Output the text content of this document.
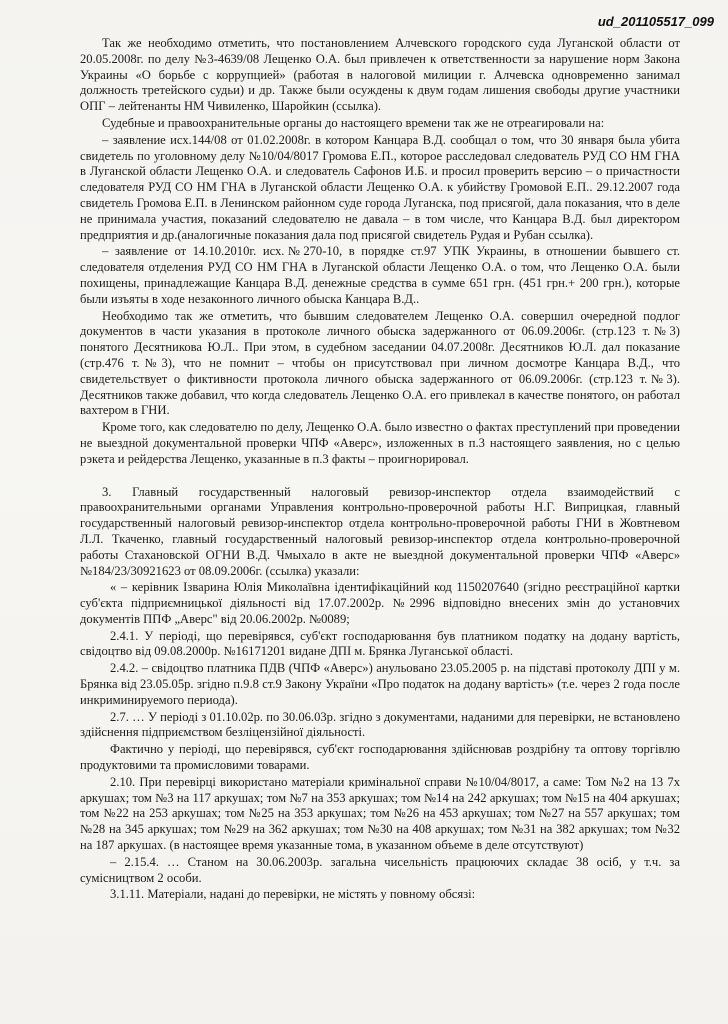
ud_201105517_099

Так же необходимо отметить, что постановлением Алчевского городского суда Луганской области от 20.05.2008г. по делу №3-4639/08 Лещенко О.А. был привлечен к ответственности за нарушение норм Закона Украины «О борьбе с коррупцией» (работая в налоговой милиции г. Алчевска одновременно занимал должность третейского судьи) и др. Также были осуждены к двум годам лишения свободы другие участники ОПГ – лейтенанты НМ Чивиленко, Шаройкин (ссылка).

Судебные и правоохранительные органы до настоящего времени так же не отреагировали на:

– заявление исх.144/08 от 01.02.2008г. в котором Канцара В.Д. сообщал о том, что 30 января была убита свидетель по уголовному делу №10/04/8017 Громова Е.П., которое расследовал следователь РУД СО НМ ГНА в Луганской области Лещенко О.А. и следователь Сафонов И.Б. и просил проверить версию – о причастности следователя РУД СО НМ ГНА в Луганской области Лещенко О.А. к убийству Громовой Е.П.. 29.12.2007 года свидетель Громова Е.П. в Ленинском районном суде города Луганска, под присягой, дала показания, что в деле не принимала участия, показаний следователю не давала – в том числе, что Канцара В.Д. был директором предприятия и др.(аналогичные показания дала под присягой свидетель Рудая и Рубан ссылка).

– заявление от 14.10.2010г. исх.№270-10, в порядке ст.97 УПК Украины, в отношении бывшего ст. следователя отделения РУД СО НМ ГНА в Луганской области Лещенко О.А. о том, что Лещенко О.А. были похищены, принадлежащие Канцара В.Д. денежные средства в сумме 651 грн. (451 грн.+ 200 грн.), которые были изъяты в ходе незаконного личного обыска Канцара В.Д..

Необходимо так же отметить, что бывшим следователем Лещенко О.А. совершил очередной подлог документов в части указания в протоколе личного обыска задержанного от 06.09.2006г. (стр.123 т.№3) понятого Десятникова Ю.Л.. При этом, в судебном заседании 04.07.2008г. Десятников Ю.Л. дал показание (стр.476 т.№3), что не помнит – чтобы он присутствовал при личном досмотре Канцара В.Д., что свидетельствует о фиктивности протокола личного обыска задержанного от 06.09.2006г. (стр.123 т.№3). Десятников также добавил, что когда следователь Лещенко О.А. его привлекал в качестве понятого, он работал вахтером в ГНИ.

Кроме того, как следователю по делу, Лещенко О.А. было известно о фактах преступлений при проведении не выездной документальной проверки ЧПФ «Аверс», изложенных в п.3 настоящего заявления, но с целью рэкета и рейдерства Лещенко, указанные в п.3 факты – проигнорировал.

3. Главный государственный налоговый ревизор-инспектор отдела взаимодействий с правоохранительными органами Управления контрольно-проверочной работы Н.Г. Виприцкая, главный государственный налоговый ревизор-инспектор отдела контрольно-проверочной работы ГНИ в Жовтневом Л.Л. Ткаченко, главный государственный налоговый ревизор-инспектор отдела контрольно-проверочной работы Стахановской ОГНИ В.Д. Чмыхало в акте не выездной документальной проверки ЧПФ «Аверс» №184/23/30921623 от 08.09.2006г. (ссылка) указали:

« – керівник Ізварина Юлія Миколаївна ідентифікаційний код 1150207640 (згідно реєстраційної картки суб'єкта підприємницької діяльності від 17.07.2002р. №2996 відповідно внесених змін до установчих документів ППФ „Аверс" від 20.06.2002р. №0089;

2.4.1. У періоді, що перевірявся, суб'єкт господарювання був платником податку на додану вартість, свідоцтво від 09.08.2000р. №16171201 видане ДПІ м. Брянка Луганської області.

2.4.2. – свідоцтво платника ПДВ (ЧПФ «Аверс») анульовано 23.05.2005 р. на підставі протоколу ДПІ у м. Брянка від 23.05.05р. згідно п.9.8 ст.9 Закону України «Про податок на додану вартість» (т.е. через 2 года после инкриминируемого периода).

2.7. … У періоді з 01.10.02р. по 30.06.03р. згідно з документами, наданими для перевірки, не встановлено здійснення підприємством безліцензійної діяльності.

Фактично у періоді, що перевірявся, суб'єкт господарювання здійснював роздрібну та оптову торгівлю продуктовими та промисловими товарами.

2.10. При перевірці використано матеріали кримінальної справи №10/04/8017, а саме: Том №2 на 13 7x аркушах; том №3 на 117 аркушах; том №7 на 353 аркушах; том №14 на 242 аркушах; том №15 на 404 аркушах; том №22 на 253 аркушах; том №25 на 353 аркушах; том №26 на 453 аркушах; том №27 на 557 аркушах; том №28 на 345 аркушах; том №29 на 362 аркушах; том №30 на 408 аркушах; том №31 на 382 аркушах; том №32 на 187 аркушах. (в настоящее время указанные тома, в указанном объеме в деле отсутствуют)

– 2.15.4. … Станом на 30.06.2003р. загальна чисельність працюючих складає 38 осіб, у т.ч. за сумісництвом 2 особи.

3.1.11. Матеріали, надані до перевірки, не містять у повному обсязі:
